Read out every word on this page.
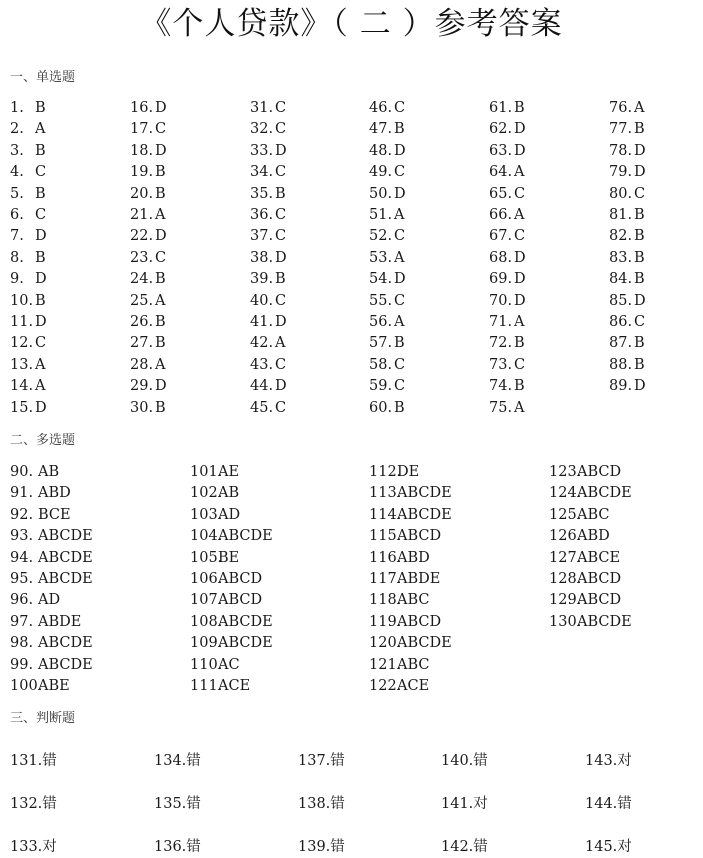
《个人贷款》（ 二 ）参考答案
一、单选题
1. B
2. A
3. B
4. C
5. B
6. C
7. D
8. B
9. D
10. B
11. D
12. C
13. A
14. A
15. D
16. D
17. C
18. D
19. B
20. B
21. A
22. D
23. C
24. B
25. A
26. B
27. B
28. A
29. D
30. B
31. C
32. C
33. D
34. C
35. B
36. C
37. C
38. D
39. B
40. C
41. D
42. A
43. C
44. D
45. C
46. C
47. B
48. D
49. C
50. D
51. A
52. C
53. A
54. D
55. C
56. A
57. B
58. C
59. C
60. B
61. B
62. D
63. D
64. A
65. C
66. A
67. C
68. D
69. D
70. D
71. A
72. B
73. C
74. B
75. A
76. A
77. B
78. D
79. D
80. C
81. B
82. B
83. B
84. B
85. D
86. C
87. B
88. B
89. D
二、多选题
90. AB
91. ABD
92. BCE
93. ABCDE
94. ABCDE
95. ABCDE
96. AD
97. ABDE
98. ABCDE
99. ABCDE
100.ABE
101.AE
102.AB
103.AD
104.ABCDE
105.BE
106.ABCD
107.ABCD
108.ABCDE
109.ABCDE
110.AC
111.ACE
112.DE
113.ABCDE
114.ABCDE
115.ABCD
116.ABD
117.ABDE
118.ABC
119.ABCD
120.ABCDE
121.ABC
122.ACE
123.ABCD
124.ABCDE
125.ABC
126.ABD
127.ABCE
128.ABCD
129.ABCD
130.ABCDE
三、判断题
131.错
132.错
133.对
134.错
135.错
136.错
137.错
138.错
139.错
140.错
141.对
142.错
143.对
144.错
145.对
